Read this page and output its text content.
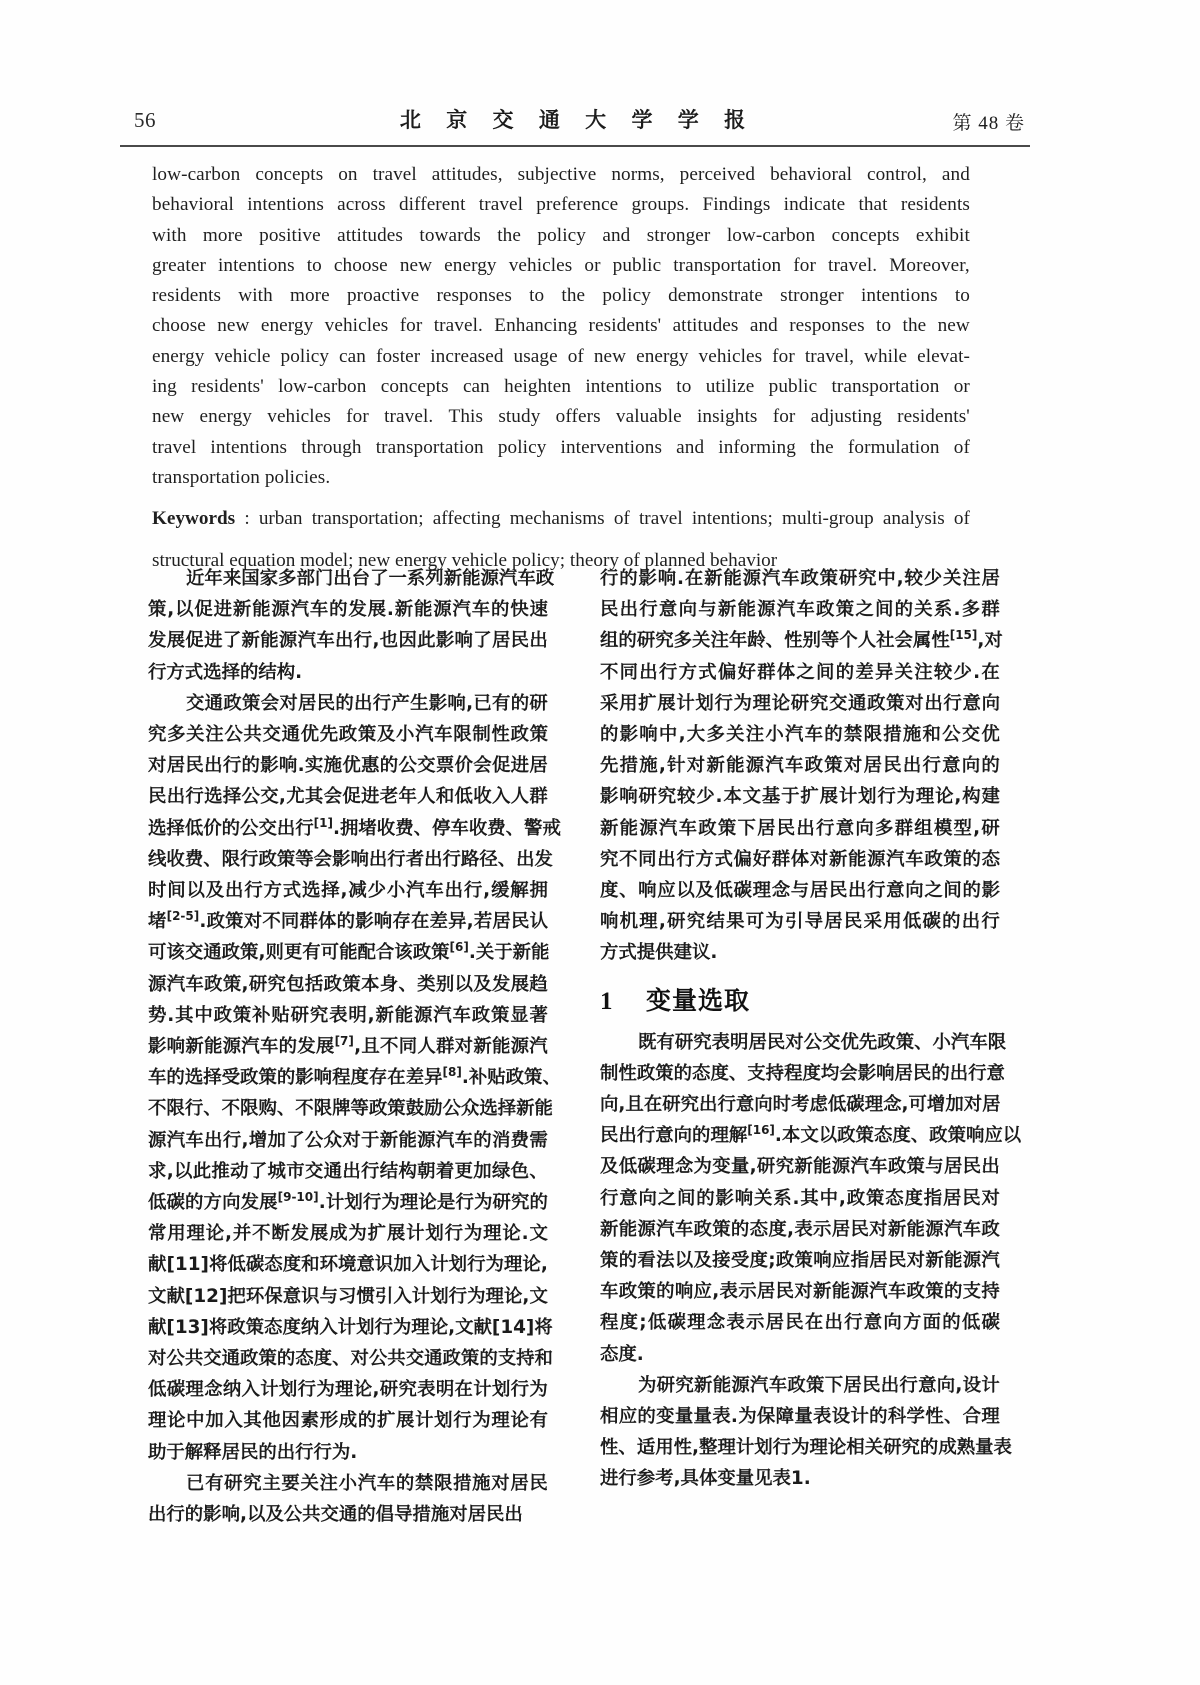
56	北 京 交 通 大 学 学 报	第 48 卷
low-carbon concepts on travel attitudes, subjective norms, perceived behavioral control, and
behavioral intentions across different travel preference groups. Findings indicate that residents
with more positive attitudes towards the policy and stronger low-carbon concepts exhibit
greater intentions to choose new energy vehicles or public transportation for travel. Moreover,
residents with more proactive responses to the policy demonstrate stronger intentions to
choose new energy vehicles for travel. Enhancing residents' attitudes and responses to the new
energy vehicle policy can foster increased usage of new energy vehicles for travel, while elevat-
ing residents' low-carbon concepts can heighten intentions to utilize public transportation or
new energy vehicles for travel. This study offers valuable insights for adjusting residents'
travel intentions through transportation policy interventions and informing the formulation of
transportation policies.
Keywords : urban transportation; affecting mechanisms of travel intentions; multi-group analysis of
structural equation model; new energy vehicle policy; theory of planned behavior

近 年 来 国 家 多 部 门 出 台 了 一 系 列 新 能 源 汽 车 政
策 , 以 促 进 新 能 源 汽 车 的 发 展 . 新 能 源 汽 车 的 快 速
发 展 促 进 了 新 能 源 汽 车 出 行 , 也 因 此 影 响 了 居 民 出
行方式选择的结构.

交 通 政 策 会 对 居 民 的 出 行 产 生 影 响 , 已 有 的 研
究 多 关 注 公 共 交 通 优 先 政 策 及 小 汽 车 限 制 性 政 策
对 居 民 出 行 的 影 响 . 实 施 优 惠 的 公 交 票 价 会 促 进 居
民 出 行 选 择 公 交 , 尤 其 会 促 进 老 年 人 和 低 收 入 人 群
选 择 低 价 的 公 交 出 行 [1] . 拥 堵 收 费 、 停 车 收 费 、 警 戒
线 收 费 、 限 行 政 策 等 会 影 响 出 行 者 出 行 路 径 、 出 发
时 间 以 及 出 行 方 式 选 择 , 减 少 小 汽 车 出 行 , 缓 解 拥
堵 [2-5] . 政 策 对 不 同 群 体 的 影 响 存 在 差 异 , 若 居 民 认
可 该 交 通 政 策 , 则 更 有 可 能 配 合 该 政 策 [6] . 关 于 新 能
源 汽 车 政 策 , 研 究 包 括 政 策 本 身 、 类 别 以 及 发 展 趋
势 . 其 中 政 策 补 贴 研 究 表 明 , 新 能 源 汽 车 政 策 显 著
影 响 新 能 源 汽 车 的 发 展 [7] , 且 不 同 人 群 对 新 能 源 汽
车 的 选 择 受 政 策 的 影 响 程 度 存 在 差 异 [8] . 补 贴 政 策 、
不 限 行 、 不 限 购 、 不 限 牌 等 政 策 鼓 励 公 众 选 择 新 能
源 汽 车 出 行 , 增 加 了 公 众 对 于 新 能 源 汽 车 的 消 费 需
求 , 以 此 推 动 了 城 市 交 通 出 行 结 构 朝 着 更 加 绿 色 、
低 碳 的 方 向 发 展 [9-10] . 计 划 行 为 理 论 是 行 为 研 究 的
常 用 理 论 , 并 不 断 发 展 成 为 扩 展 计 划 行 为 理 论 . 文
献 [ 1 1 ] 将 低 碳 态 度 和 环 境 意 识 加 入 计 划 行 为 理 论 ,
文 献 [ 1 2 ] 把 环 保 意 识 与 习 惯 引 入 计 划 行 为 理 论 , 文
献 [ 1 3 ] 将 政 策 态 度 纳 入 计 划 行 为 理 论 , 文 献 [ 1 4 ] 将
对 公 共 交 通 政 策 的 态 度 、 对 公 共 交 通 政 策 的 支 持 和
低 碳 理 念 纳 入 计 划 行 为 理 论 , 研 究 表 明 在 计 划 行 为
理 论 中 加 入 其 他 因 素 形 成 的 扩 展 计 划 行 为 理 论 有
助于解释居民的出行行为.

已 有 研 究 主 要 关 注 小 汽 车 的 禁 限 措 施 对 居 民
出行的影响,以及公共交通的倡导措施对居民出

行 的 影 响 . 在 新 能 源 汽 车 政 策 研 究 中 , 较 少 关 注 居
民 出 行 意 向 与 新 能 源 汽 车 政 策 之 间 的 关 系 . 多 群
组 的 研 究 多 关 注 年 龄 、 性 别 等 个 人 社 会 属 性 [15] , 对
不 同 出 行 方 式 偏 好 群 体 之 间 的 差 异 关 注 较 少 . 在
采 用 扩 展 计 划 行 为 理 论 研 究 交 通 政 策 对 出 行 意 向
的 影 响 中 , 大 多 关 注 小 汽 车 的 禁 限 措 施 和 公 交 优
先 措 施 , 针 对 新 能 源 汽 车 政 策 对 居 民 出 行 意 向 的
影 响 研 究 较 少 . 本 文 基 于 扩 展 计 划 行 为 理 论 , 构 建
新 能 源 汽 车 政 策 下 居 民 出 行 意 向 多 群 组 模 型 , 研
究 不 同 出 行 方 式 偏 好 群 体 对 新 能 源 汽 车 政 策 的 态
度 、 响 应 以 及 低 碳 理 念 与 居 民 出 行 意 向 之 间 的 影
响 机 理 , 研 究 结 果 可 为 引 导 居 民 采 用 低 碳 的 出 行
方式提供建议.

1 变量选取

既 有 研 究 表 明 居 民 对 公 交 优 先 政 策 、 小 汽 车 限
制 性 政 策 的 态 度 、 支 持 程 度 均 会 影 响 居 民 的 出 行 意
向 , 且 在 研 究 出 行 意 向 时 考 虑 低 碳 理 念 , 可 增 加 对 居
民 出 行 意 向 的 理 解 [16] . 本 文 以 政 策 态 度 、 政 策 响 应 以
及 低 碳 理 念 为 变 量 , 研 究 新 能 源 汽 车 政 策 与 居 民 出
行 意 向 之 间 的 影 响 关 系 . 其 中 , 政 策 态 度 指 居 民 对
新 能 源 汽 车 政 策 的 态 度 , 表 示 居 民 对 新 能 源 汽 车 政
策 的 看 法 以 及 接 受 度 ; 政 策 响 应 指 居 民 对 新 能 源 汽
车 政 策 的 响 应 , 表 示 居 民 对 新 能 源 汽 车 政 策 的 支 持
程 度 ; 低 碳 理 念 表 示 居 民 在 出 行 意 向 方 面 的 低 碳
态度.

为 研 究 新 能 源 汽 车 政 策 下 居 民 出 行 意 向 , 设 计
相 应 的 变 量 量 表 . 为 保 障 量 表 设 计 的 科 学 性 、 合 理
性 、 适 用 性 , 整 理 计 划 行 为 理 论 相 关 研 究 的 成 熟 量 表
进行参考,具体变量见表1.
